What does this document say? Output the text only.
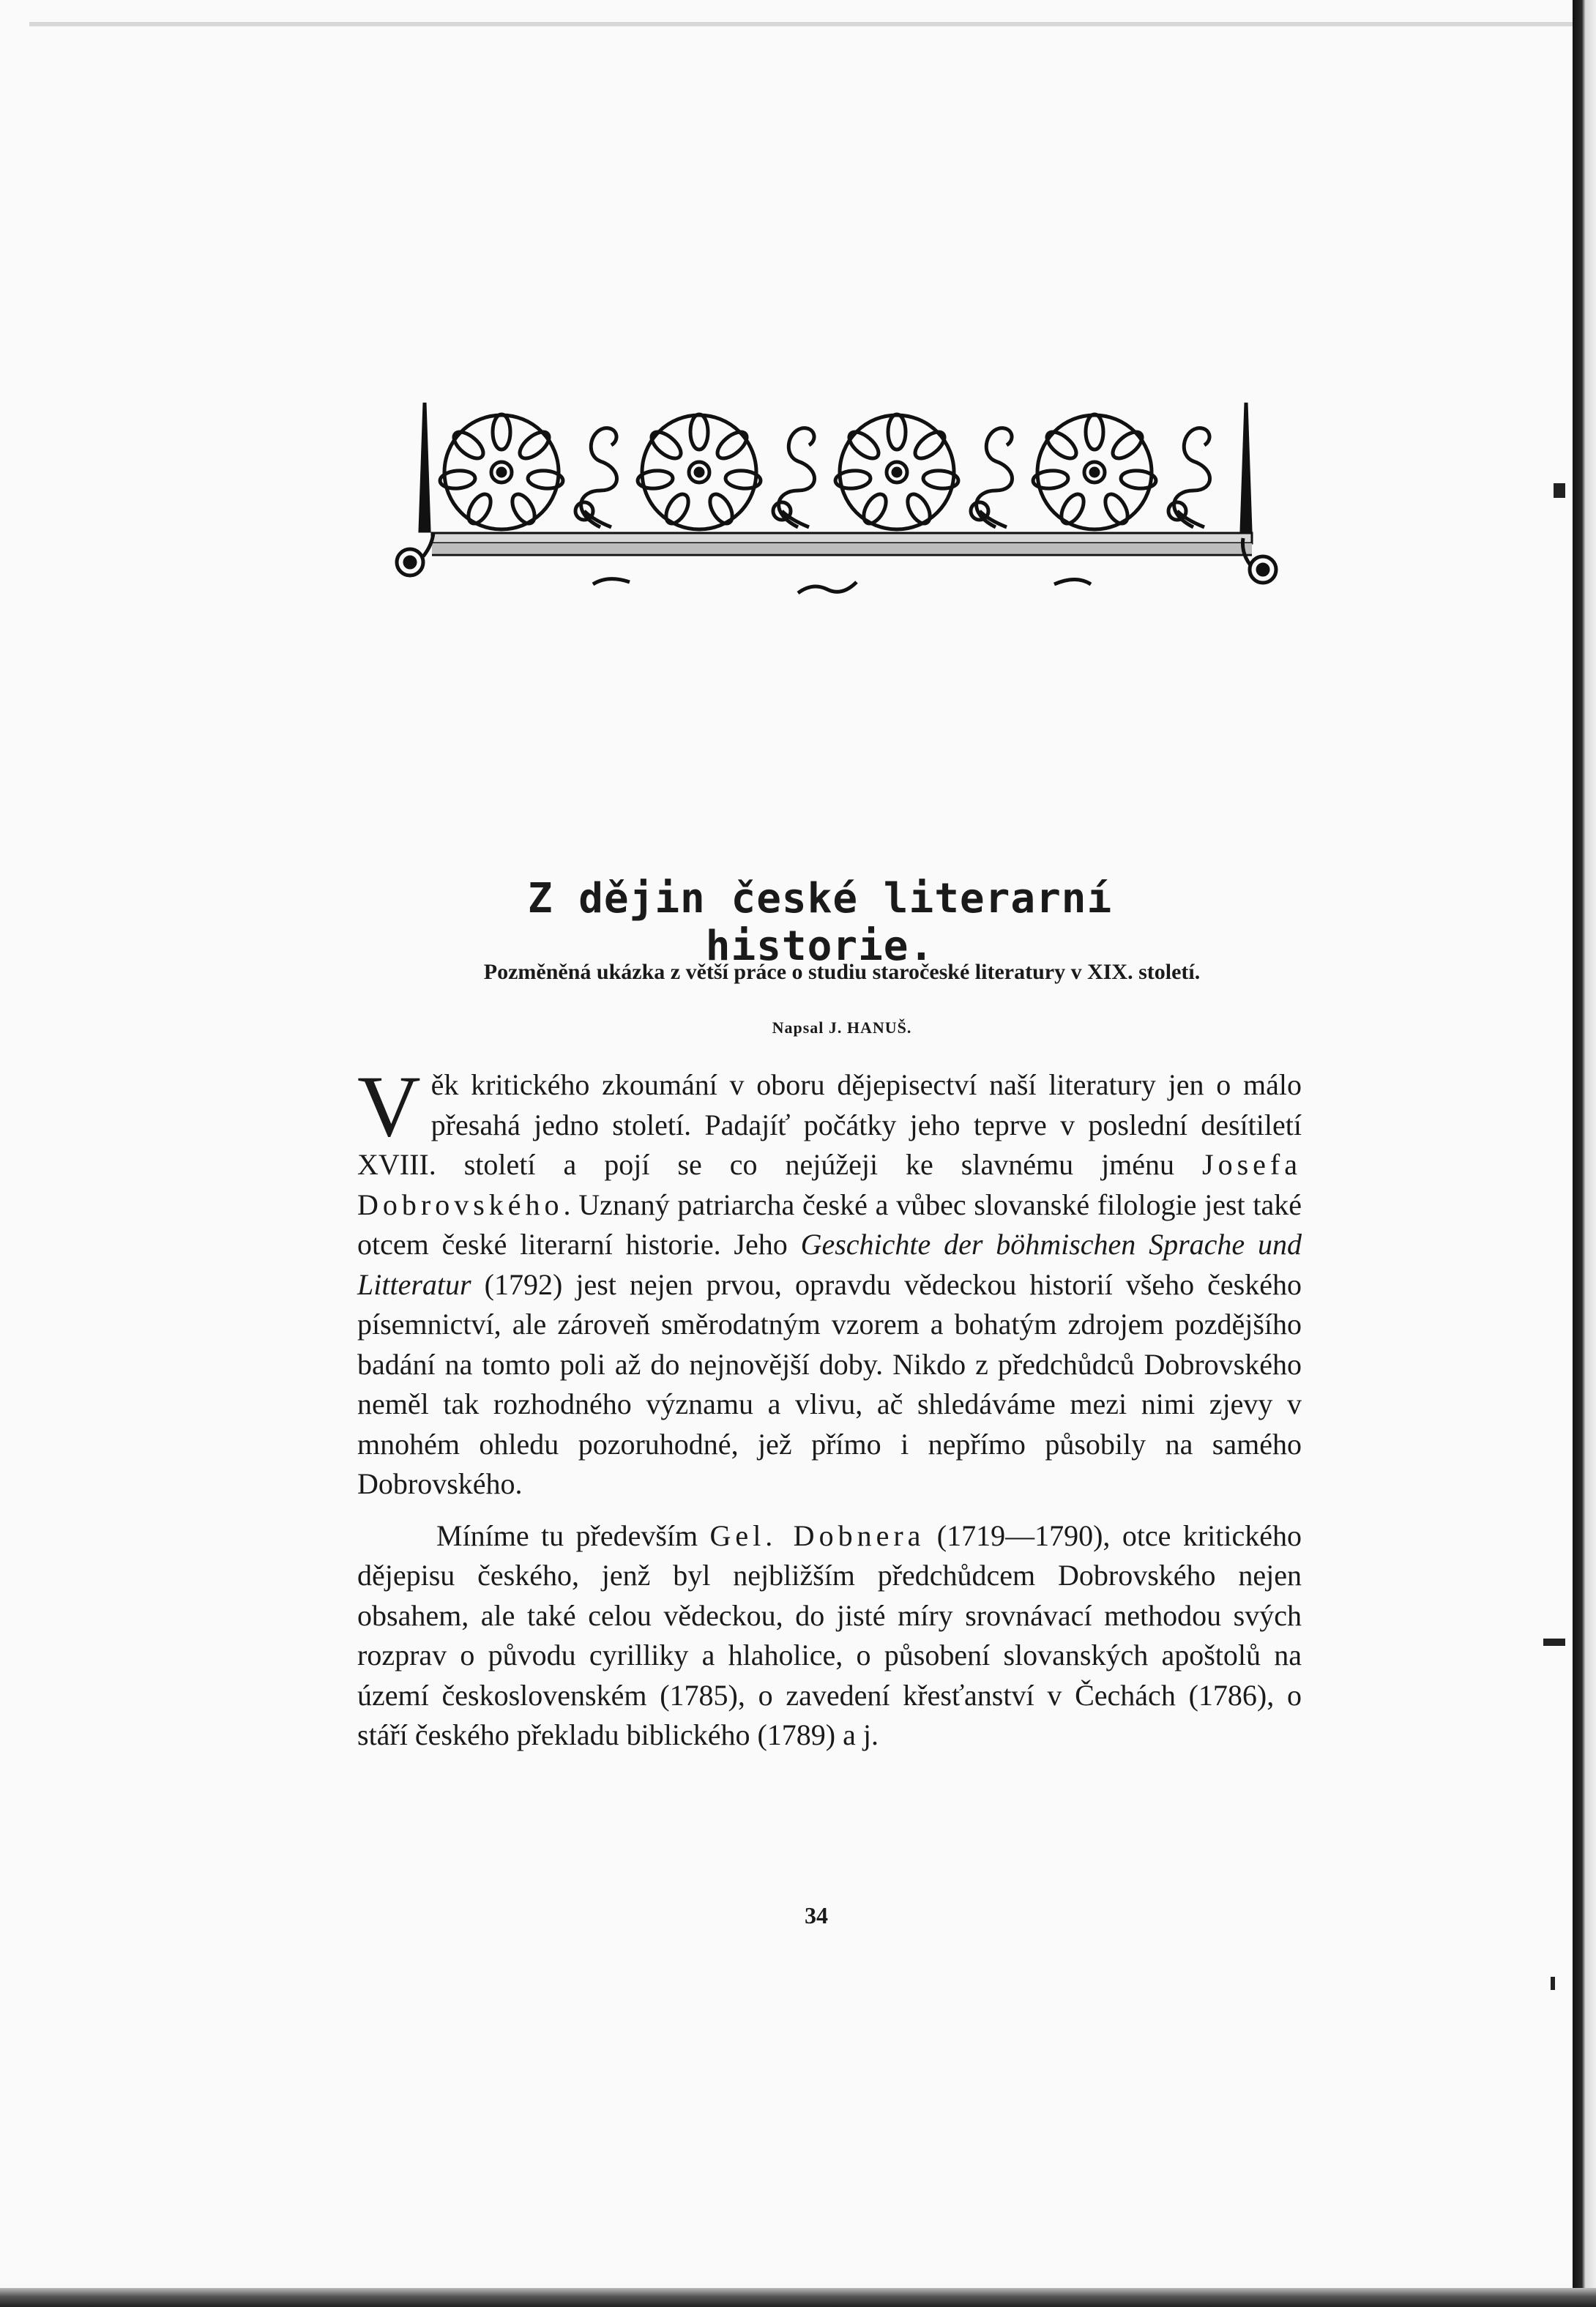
Z dějin české literarní historie.
Pozměněná ukázka z větší práce o studiu staročeské literatury v XIX. století.
Napsal J. HANUŠ.

Věk kritického zkoumání v oboru dějepisectví naší literatury jen o málo přesahá jedno století. Padajíť počátky jeho teprve v poslední desítiletí XVIII. století a pojí se co nejúžeji ke slavnému jménu Josefa Dobrovského. Uznaný patriarcha české a vůbec slovanské filologie jest také otcem české literarní historie. Jeho Geschichte der böhmischen Sprache und Litteratur (1792) jest nejen prvou, opravdu vědeckou historií všeho českého písemnictví, ale zároveň směrodatným vzorem a bohatým zdrojem pozdějšího badání na tomto poli až do nejnovější doby. Nikdo z předchůdců Dobrovského neměl tak rozhodného významu a vlivu, ač shledáváme mezi nimi zjevy v mnohém ohledu pozoruhodné, jež přímo i nepřímo působily na samého Dobrovského.

Míníme tu především Gel. Dobnera (1719—1790), otce kritického dějepisu českého, jenž byl nejbližším předchůdcem Dobrovského nejen obsahem, ale také celou vědeckou, do jisté míry srovnávací methodou svých rozprav o původu cyrilliky a hlaholice, o působení slovanských apoštolů na území československém (1785), o zavedení křesťanství v Čechách (1786), o stáří českého překladu biblického (1789) a j.

34
